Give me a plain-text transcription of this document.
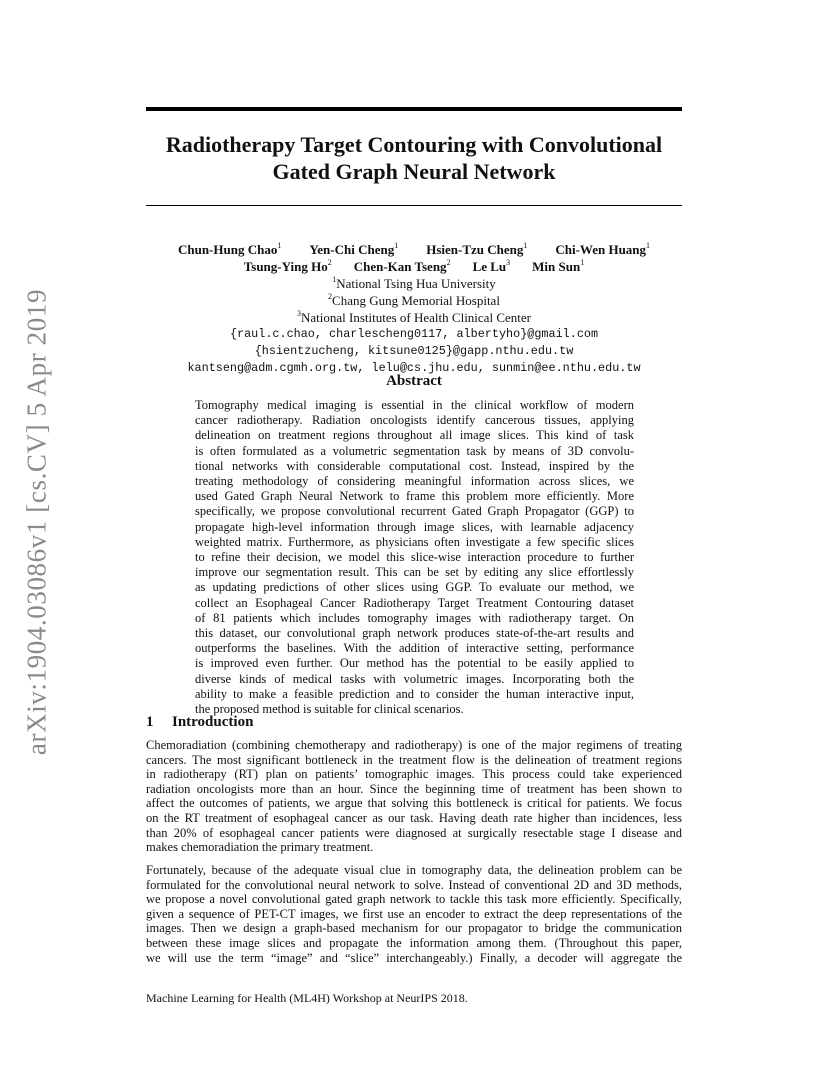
arXiv:1904.03086v1 [cs.CV] 5 Apr 2019
Radiotherapy Target Contouring with Convolutional
Gated Graph Neural Network
Chun-Hung Chao$^1$ Yen-Chi Cheng$^1$ Hsien-Tzu Cheng$^1$ Chi-Wen Huang$^1$
Tsung-Ying Ho$^2$ Chen-Kan Tseng$^2$ Le Lu$^3$ Min Sun$^1$
$^1$National Tsing Hua University
$^2$Chang Gung Memorial Hospital
$^3$National Institutes of Health Clinical Center
{raul.c.chao, charlescheng0117, albertyho}@gmail.com
{hsientzucheng, kitsune0125}@gapp.nthu.edu.tw
kantseng@adm.cgmh.org.tw, lelu@cs.jhu.edu, sunmin@ee.nthu.edu.tw
Abstract
Tomography medical imaging is essential in the clinical workflow of modern
cancer radiotherapy. Radiation oncologists identify cancerous tissues, applying
delineation on treatment regions throughout all image slices. This kind of task
is often formulated as a volumetric segmentation task by means of 3D convolu-
tional networks with considerable computational cost. Instead, inspired by the
treating methodology of considering meaningful information across slices, we
used Gated Graph Neural Network to frame this problem more efficiently. More
specifically, we propose convolutional recurrent Gated Graph Propagator (GGP) to
propagate high-level information through image slices, with learnable adjacency
weighted matrix. Furthermore, as physicians often investigate a few specific slices
to refine their decision, we model this slice-wise interaction procedure to further
improve our segmentation result. This can be set by editing any slice effortlessly
as updating predictions of other slices using GGP. To evaluate our method, we
collect an Esophageal Cancer Radiotherapy Target Treatment Contouring dataset
of 81 patients which includes tomography images with radiotherapy target. On
this dataset, our convolutional graph network produces state-of-the-art results and
outperforms the baselines. With the addition of interactive setting, performance
is improved even further. Our method has the potential to be easily applied to
diverse kinds of medical tasks with volumetric images. Incorporating both the
ability to make a feasible prediction and to consider the human interactive input,
the proposed method is suitable for clinical scenarios.
1 Introduction
Chemoradiation (combining chemotherapy and radiotherapy) is one of the major regimens of treating
cancers. The most significant bottleneck in the treatment flow is the delineation of treatment regions
in radiotherapy (RT) plan on patients’ tomographic images. This process could take experienced
radiation oncologists more than an hour. Since the beginning time of treatment has been shown to
affect the outcomes of patients, we argue that solving this bottleneck is critical for patients. We focus
on the RT treatment of esophageal cancer as our task. Having death rate higher than incidences, less
than 20% of esophageal cancer patients were diagnosed at surgically resectable stage I disease and
makes chemoradiation the primary treatment.
Fortunately, because of the adequate visual clue in tomography data, the delineation problem can be
formulated for the convolutional neural network to solve. Instead of conventional 2D and 3D methods,
we propose a novel convolutional gated graph network to tackle this task more efficiently. Specifically,
given a sequence of PET-CT images, we first use an encoder to extract the deep representations of the
images. Then we design a graph-based mechanism for our propagator to bridge the communication
between these image slices and propagate the information among them. (Throughout this paper,
we will use the term “image” and “slice” interchangeably.) Finally, a decoder will aggregate the
Machine Learning for Health (ML4H) Workshop at NeurIPS 2018.
